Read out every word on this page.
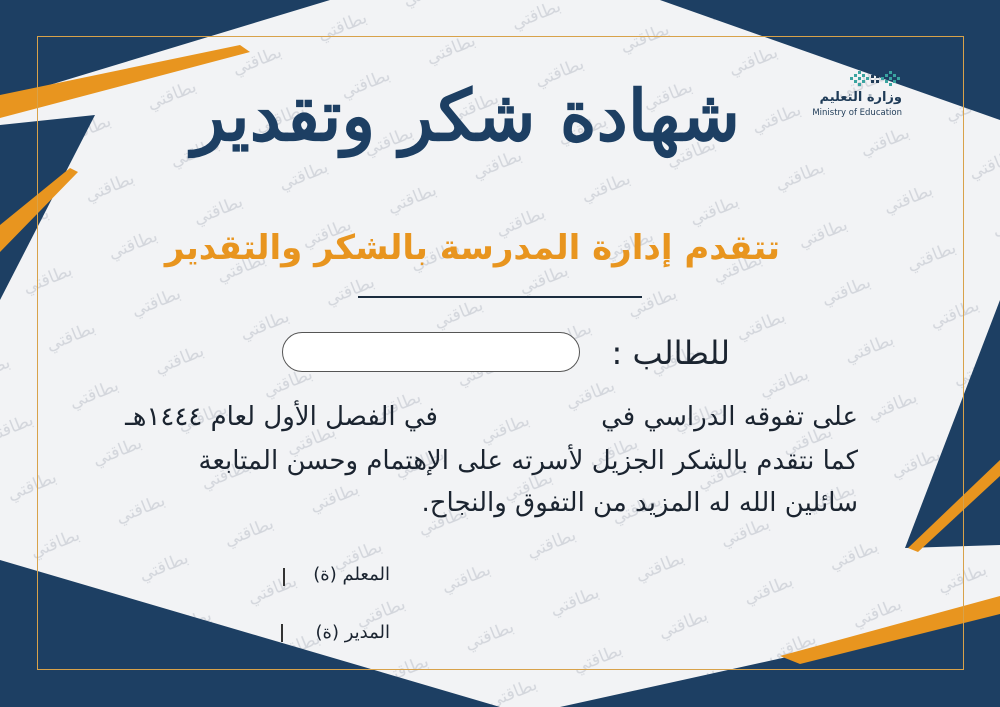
وزارة التعليم
Ministry of Education
شهادة شكر وتقدير
تتقدم إدارة المدرسة بالشكر والتقدير
للطالب :
على تفوقه الدراسي في
في الفصل الأول لعام ١٤٤٤هـ
كما نتقدم بالشكر الجزيل لأسرته على الإهتمام وحسن المتابعة
سائلين الله له المزيد من التفوق والنجاح.
المعلم (ة)
المدير (ة)
